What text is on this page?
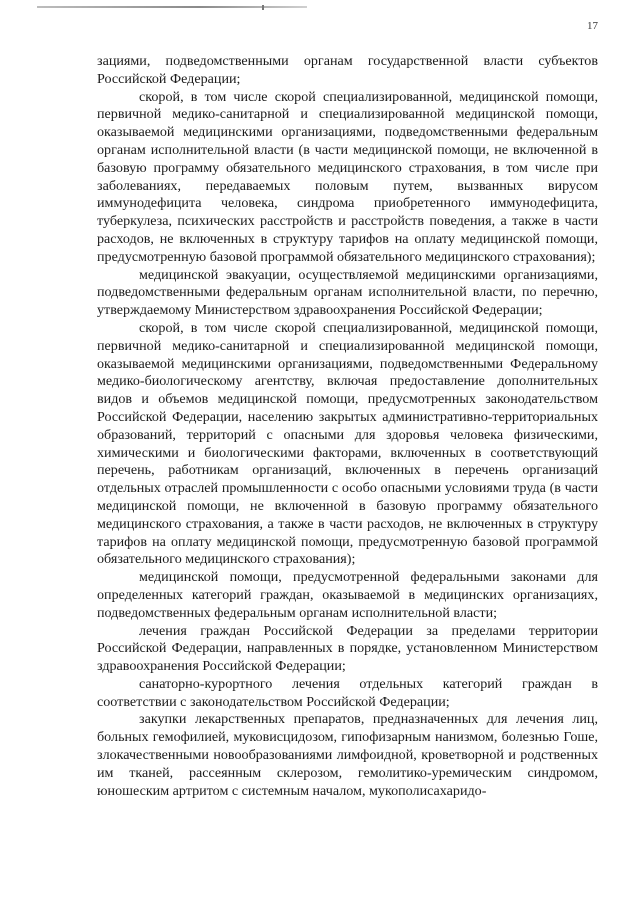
17

зациями, подведомственными органам государственной власти субъектов Российской Федерации;

скорой, в том числе скорой специализированной, медицинской помощи, первичной медико-санитарной и специализированной медицинской помощи, оказываемой медицинскими организациями, подведомственными федеральным органам исполнительной власти (в части медицинской помощи, не включенной в базовую программу обязательного медицинского страхования, в том числе при заболеваниях, передаваемых половым путем, вызванных вирусом иммунодефицита человека, синдрома приобретенного иммунодефицита, туберкулеза, психических расстройств и расстройств поведения, а также в части расходов, не включенных в структуру тарифов на оплату медицинской помощи, предусмотренную базовой программой обязательного медицинского страхования);

медицинской эвакуации, осуществляемой медицинскими организациями, подведомственными федеральным органам исполнительной власти, по перечню, утверждаемому Министерством здравоохранения Российской Федерации;

скорой, в том числе скорой специализированной, медицинской помощи, первичной медико-санитарной и специализированной медицинской помощи, оказываемой медицинскими организациями, подведомственными Федеральному медико-биологическому агентству, включая предоставление дополнительных видов и объемов медицинской помощи, предусмотренных законодательством Российской Федерации, населению закрытых административно-территориальных образований, территорий с опасными для здоровья человека физическими, химическими и биологическими факторами, включенных в соответствующий перечень, работникам организаций, включенных в перечень организаций отдельных отраслей промышленности с особо опасными условиями труда (в части медицинской помощи, не включенной в базовую программу обязательного медицинского страхования, а также в части расходов, не включенных в структуру тарифов на оплату медицинской помощи, предусмотренную базовой программой обязательного медицинского страхования);

медицинской помощи, предусмотренной федеральными законами для определенных категорий граждан, оказываемой в медицинских организациях, подведомственных федеральным органам исполнительной власти;

лечения граждан Российской Федерации за пределами территории Российской Федерации, направленных в порядке, установленном Министерством здравоохранения Российской Федерации;

санаторно-курортного лечения отдельных категорий граждан в соответствии с законодательством Российской Федерации;

закупки лекарственных препаратов, предназначенных для лечения лиц, больных гемофилией, муковисцидозом, гипофизарным нанизмом, болезнью Гоше, злокачественными новообразованиями лимфоидной, кроветворной и родственных им тканей, рассеянным склерозом, гемолитико-уремическим синдромом, юношеским артритом с системным началом, мукополисахаридо-
